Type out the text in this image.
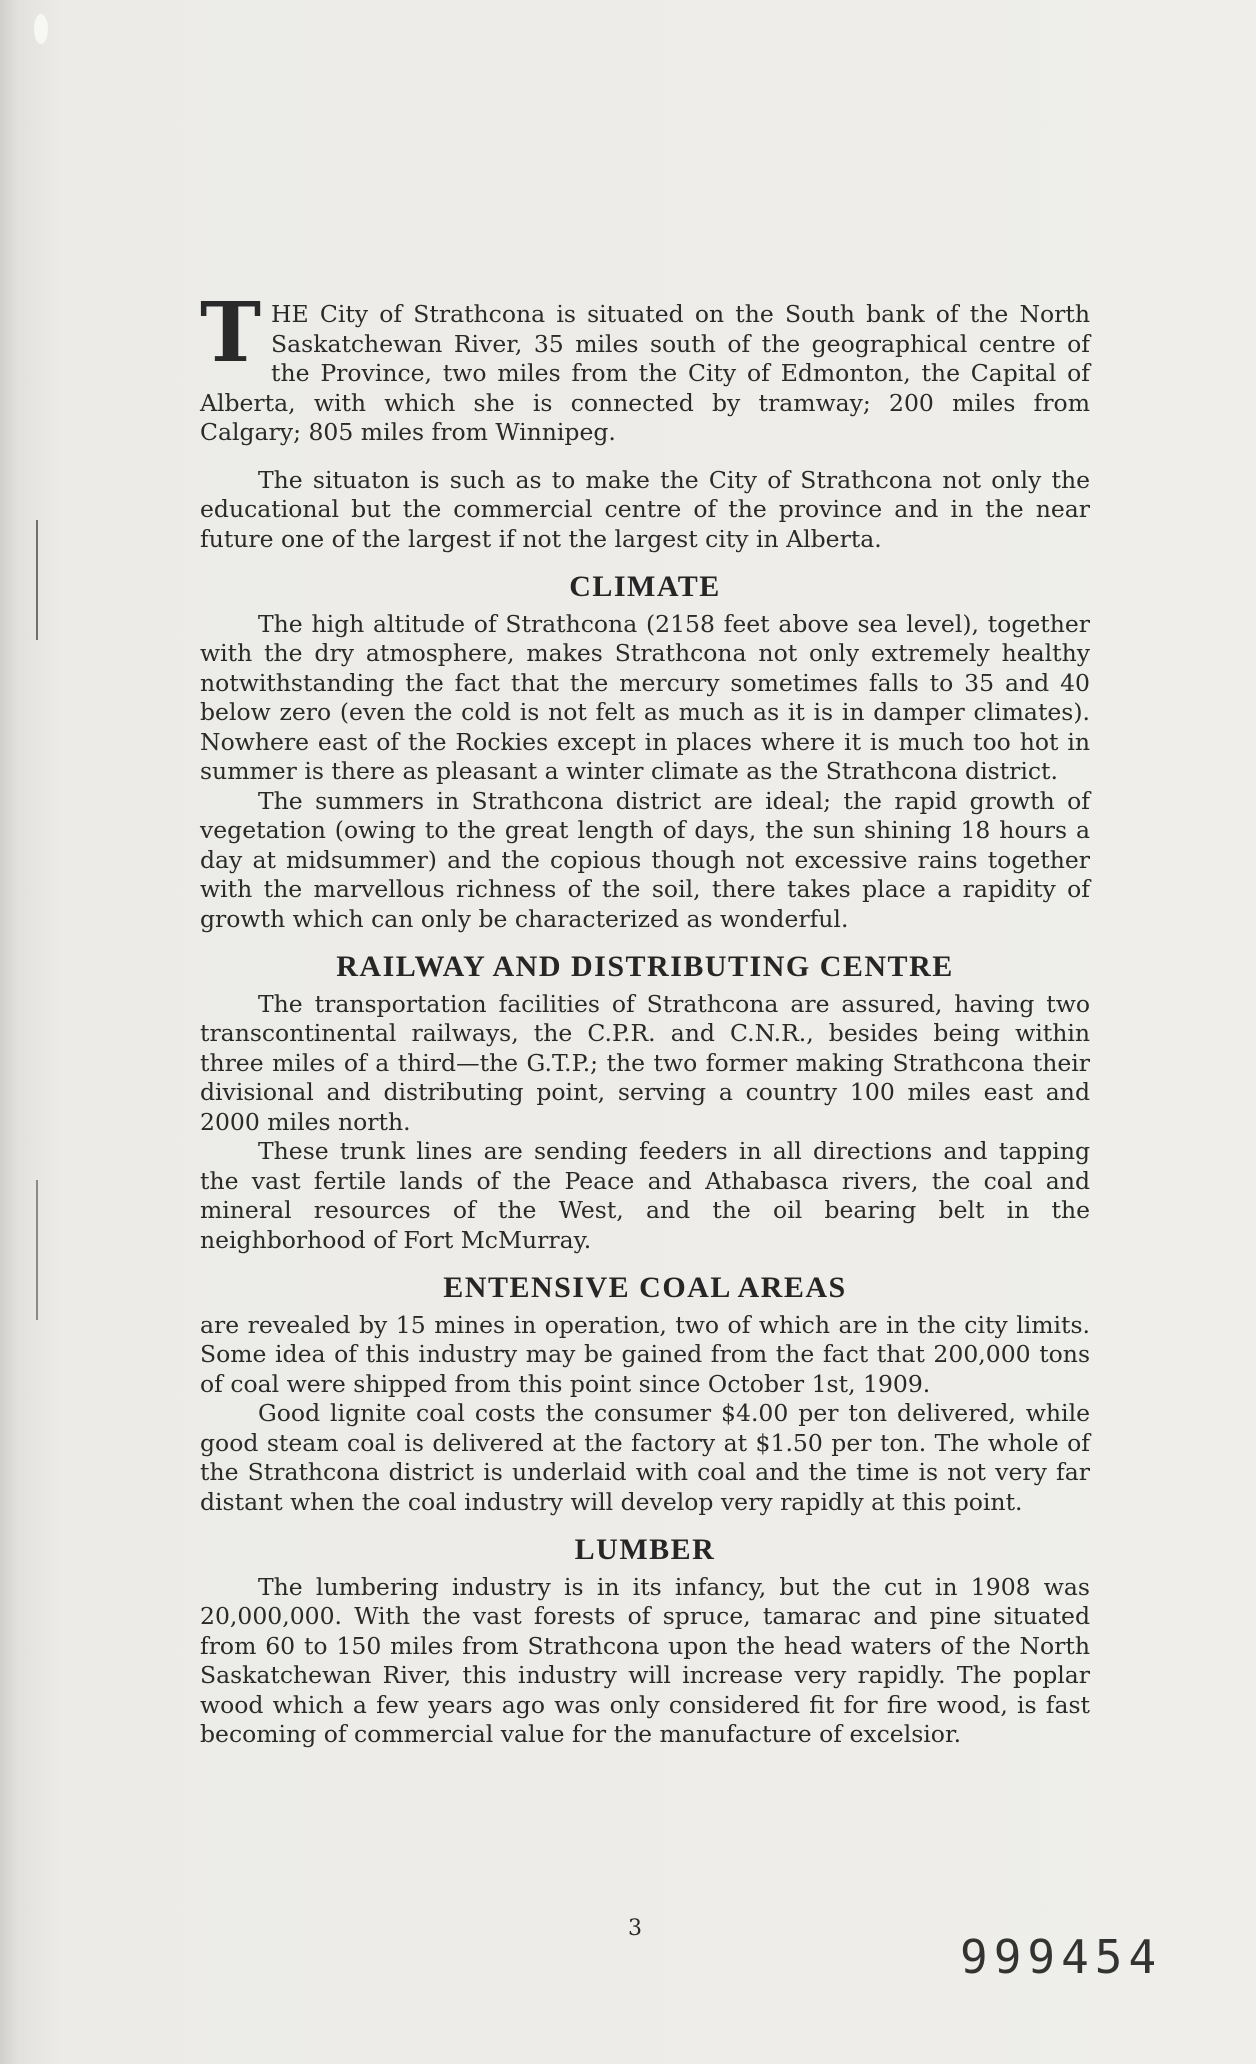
THE City of Strathcona is situated on the South bank of the North Saskatchewan River, 35 miles south of the geographical centre of the Province, two miles from the City of Edmonton, the Capital of Alberta, with which she is connected by tramway; 200 miles from Calgary; 805 miles from Winnipeg.

The situaton is such as to make the City of Strathcona not only the educational but the commercial centre of the province and in the near future one of the largest if not the largest city in Alberta.

CLIMATE

The high altitude of Strathcona (2158 feet above sea level), together with the dry atmosphere, makes Strathcona not only extremely healthy notwithstanding the fact that the mercury sometimes falls to 35 and 40 below zero (even the cold is not felt as much as it is in damper climates). Nowhere east of the Rockies except in places where it is much too hot in summer is there as pleasant a winter climate as the Strathcona district.

The summers in Strathcona district are ideal; the rapid growth of vegetation (owing to the great length of days, the sun shining 18 hours a day at midsummer) and the copious though not excessive rains together with the marvellous richness of the soil, there takes place a rapidity of growth which can only be characterized as wonderful.

RAILWAY AND DISTRIBUTING CENTRE

The transportation facilities of Strathcona are assured, having two transcontinental railways, the C.P.R. and C.N.R., besides being within three miles of a third—the G.T.P.; the two former making Strathcona their divisional and distributing point, serving a country 100 miles east and 2000 miles north.

These trunk lines are sending feeders in all directions and tapping the vast fertile lands of the Peace and Athabasca rivers, the coal and mineral resources of the West, and the oil bearing belt in the neighborhood of Fort McMurray.

ENTENSIVE COAL AREAS

are revealed by 15 mines in operation, two of which are in the city limits. Some idea of this industry may be gained from the fact that 200,000 tons of coal were shipped from this point since October 1st, 1909.

Good lignite coal costs the consumer $4.00 per ton delivered, while good steam coal is delivered at the factory at $1.50 per ton. The whole of the Strathcona district is underlaid with coal and the time is not very far distant when the coal industry will develop very rapidly at this point.

LUMBER

The lumbering industry is in its infancy, but the cut in 1908 was 20,000,000. With the vast forests of spruce, tamarac and pine situated from 60 to 150 miles from Strathcona upon the head waters of the North Saskatchewan River, this industry will increase very rapidly. The poplar wood which a few years ago was only considered fit for fire wood, is fast becoming of commercial value for the manufacture of excelsior.

3
999454
